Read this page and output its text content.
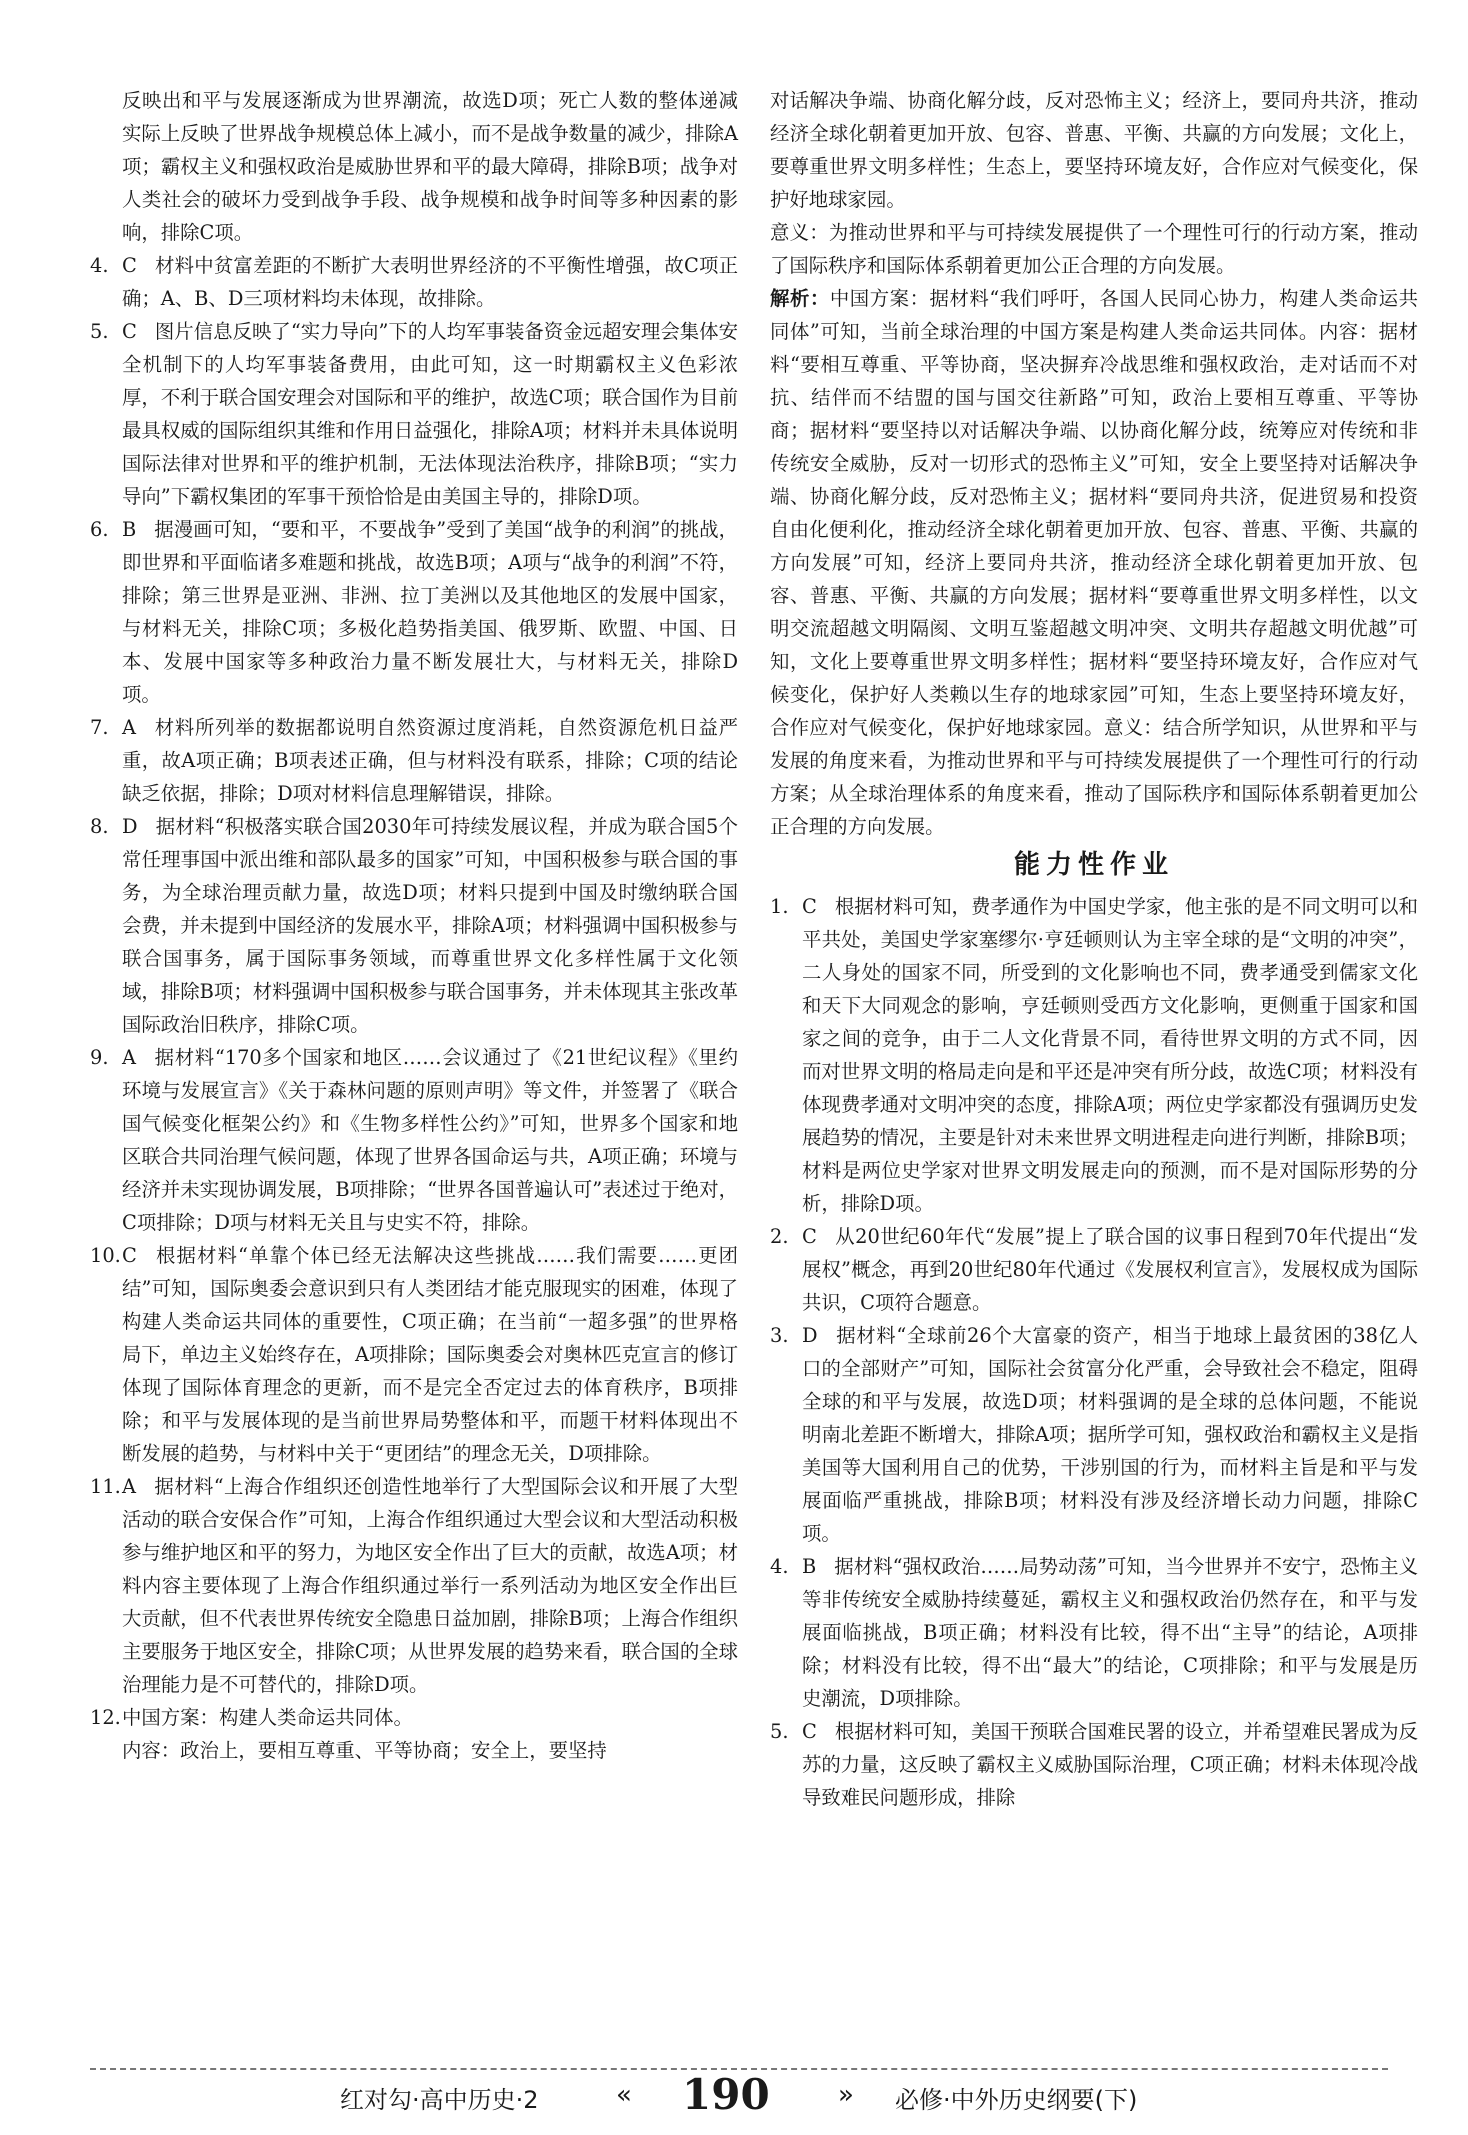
反映出和平与发展逐渐成为世界潮流，故选D项；死亡人数的整体递减实际上反映了世界战争规模总体上减小，而不是战争数量的减少，排除A项；霸权主义和强权政治是威胁世界和平的最大障碍，排除B项；战争对人类社会的破坏力受到战争手段、战争规模和战争时间等多种因素的影响，排除C项。
4. C 材料中贫富差距的不断扩大表明世界经济的不平衡性增强，故C项正确；A、B、D三项材料均未体现，故排除。
5. C 图片信息反映了“实力导向”下的人均军事装备资金远超安理会集体安全机制下的人均军事装备费用，由此可知，这一时期霸权主义色彩浓厚，不利于联合国安理会对国际和平的维护，故选C项；联合国作为目前最具权威的国际组织其维和作用日益强化，排除A项；材料并未具体说明国际法律对世界和平的维护机制，无法体现法治秩序，排除B项；“实力导向”下霸权集团的军事干预恰恰是由美国主导的，排除D项。
6. B 据漫画可知，“要和平，不要战争”受到了美国“战争的利润”的挑战，即世界和平面临诸多难题和挑战，故选B项；A项与“战争的利润”不符，排除；第三世界是亚洲、非洲、拉丁美洲以及其他地区的发展中国家，与材料无关，排除C项；多极化趋势指美国、俄罗斯、欧盟、中国、日本、发展中国家等多种政治力量不断发展壮大，与材料无关，排除D项。
7. A 材料所列举的数据都说明自然资源过度消耗，自然资源危机日益严重，故A项正确；B项表述正确，但与材料没有联系，排除；C项的结论缺乏依据，排除；D项对材料信息理解错误，排除。
8. D 据材料“积极落实联合国2030年可持续发展议程，并成为联合国5个常任理事国中派出维和部队最多的国家”可知，中国积极参与联合国的事务，为全球治理贡献力量，故选D项；材料只提到中国及时缴纳联合国会费，并未提到中国经济的发展水平，排除A项；材料强调中国积极参与联合国事务，属于国际事务领域，而尊重世界文化多样性属于文化领域，排除B项；材料强调中国积极参与联合国事务，并未体现其主张改革国际政治旧秩序，排除C项。
9. A 据材料“170多个国家和地区……会议通过了《21世纪议程》《里约环境与发展宣言》《关于森林问题的原则声明》等文件，并签署了《联合国气候变化框架公约》和《生物多样性公约》”可知，世界多个国家和地区联合共同治理气候问题，体现了世界各国命运与共，A项正确；环境与经济并未实现协调发展，B项排除；“世界各国普遍认可”表述过于绝对，C项排除；D项与材料无关且与史实不符，排除。
10. C 根据材料“单靠个体已经无法解决这些挑战……我们需要……更团结”可知，国际奥委会意识到只有人类团结才能克服现实的困难，体现了构建人类命运共同体的重要性，C项正确；在当前“一超多强”的世界格局下，单边主义始终存在，A项排除；国际奥委会对奥林匹克宣言的修订体现了国际体育理念的更新，而不是完全否定过去的体育秩序，B项排除；和平与发展体现的是当前世界局势整体和平，而题干材料体现出不断发展的趋势，与材料中关于“更团结”的理念无关，D项排除。
11. A 据材料“上海合作组织还创造性地举行了大型国际会议和开展了大型活动的联合安保合作”可知，上海合作组织通过大型会议和大型活动积极参与维护地区和平的努力，为地区安全作出了巨大的贡献，故选A项；材料内容主要体现了上海合作组织通过举行一系列活动为地区安全作出巨大贡献，但不代表世界传统安全隐患日益加剧，排除B项；上海合作组织主要服务于地区安全，排除C项；从世界发展的趋势来看，联合国的全球治理能力是不可替代的，排除D项。
12. 中国方案：构建人类命运共同体。
内容：政治上，要相互尊重、平等协商；安全上，要坚持
对话解决争端、协商化解分歧，反对恐怖主义；经济上，要同舟共济，推动经济全球化朝着更加开放、包容、普惠、平衡、共赢的方向发展；文化上，要尊重世界文明多样性；生态上，要坚持环境友好，合作应对气候变化，保护好地球家园。
意义：为推动世界和平与可持续发展提供了一个理性可行的行动方案，推动了国际秩序和国际体系朝着更加公正合理的方向发展。
解析：中国方案：据材料“我们呼吁，各国人民同心协力，构建人类命运共同体”可知，当前全球治理的中国方案是构建人类命运共同体。内容：据材料“要相互尊重、平等协商，坚决摒弃冷战思维和强权政治，走对话而不对抗、结伴而不结盟的国与国交往新路”可知，政治上要相互尊重、平等协商；据材料“要坚持以对话解决争端、以协商化解分歧，统筹应对传统和非传统安全威胁，反对一切形式的恐怖主义”可知，安全上要坚持对话解决争端、协商化解分歧，反对恐怖主义；据材料“要同舟共济，促进贸易和投资自由化便利化，推动经济全球化朝着更加开放、包容、普惠、平衡、共赢的方向发展”可知，经济上要同舟共济，推动经济全球化朝着更加开放、包容、普惠、平衡、共赢的方向发展；据材料“要尊重世界文明多样性，以文明交流超越文明隔阂、文明互鉴超越文明冲突、文明共存超越文明优越”可知，文化上要尊重世界文明多样性；据材料“要坚持环境友好，合作应对气候变化，保护好人类赖以生存的地球家园”可知，生态上要坚持环境友好，合作应对气候变化，保护好地球家园。意义：结合所学知识，从世界和平与发展的角度来看，为推动世界和平与可持续发展提供了一个理性可行的行动方案；从全球治理体系的角度来看，推动了国际秩序和国际体系朝着更加公正合理的方向发展。
能力性作业
1. C 根据材料可知，费孝通作为中国史学家，他主张的是不同文明可以和平共处，美国史学家塞缪尔·亨廷顿则认为主宰全球的是“文明的冲突”，二人身处的国家不同，所受到的文化影响也不同，费孝通受到儒家文化和天下大同观念的影响，亨廷顿则受西方文化影响，更侧重于国家和国家之间的竞争，由于二人文化背景不同，看待世界文明的方式不同，因而对世界文明的格局走向是和平还是冲突有所分歧，故选C项；材料没有体现费孝通对文明冲突的态度，排除A项；两位史学家都没有强调历史发展趋势的情况，主要是针对未来世界文明进程走向进行判断，排除B项；材料是两位史学家对世界文明发展走向的预测，而不是对国际形势的分析，排除D项。
2. C 从20世纪60年代“发展”提上了联合国的议事日程到70年代提出“发展权”概念，再到20世纪80年代通过《发展权利宣言》，发展权成为国际共识，C项符合题意。
3. D 据材料“全球前26个大富豪的资产，相当于地球上最贫困的38亿人口的全部财产”可知，国际社会贫富分化严重，会导致社会不稳定，阻碍全球的和平与发展，故选D项；材料强调的是全球的总体问题，不能说明南北差距不断增大，排除A项；据所学可知，强权政治和霸权主义是指美国等大国利用自己的优势，干涉别国的行为，而材料主旨是和平与发展面临严重挑战，排除B项；材料没有涉及经济增长动力问题，排除C项。
4. B 据材料“强权政治……局势动荡”可知，当今世界并不安宁，恐怖主义等非传统安全威胁持续蔓延，霸权主义和强权政治仍然存在，和平与发展面临挑战，B项正确；材料没有比较，得不出“主导”的结论，A项排除；材料没有比较，得不出“最大”的结论，C项排除；和平与发展是历史潮流，D项排除。
5. C 根据材料可知，美国干预联合国难民署的设立，并希望难民署成为反苏的力量，这反映了霸权主义威胁国际治理，C项正确；材料未体现冷战导致难民问题形成，排除
红对勾·高中历史·2	« 190	» 必修·中外历史纲要(下)
